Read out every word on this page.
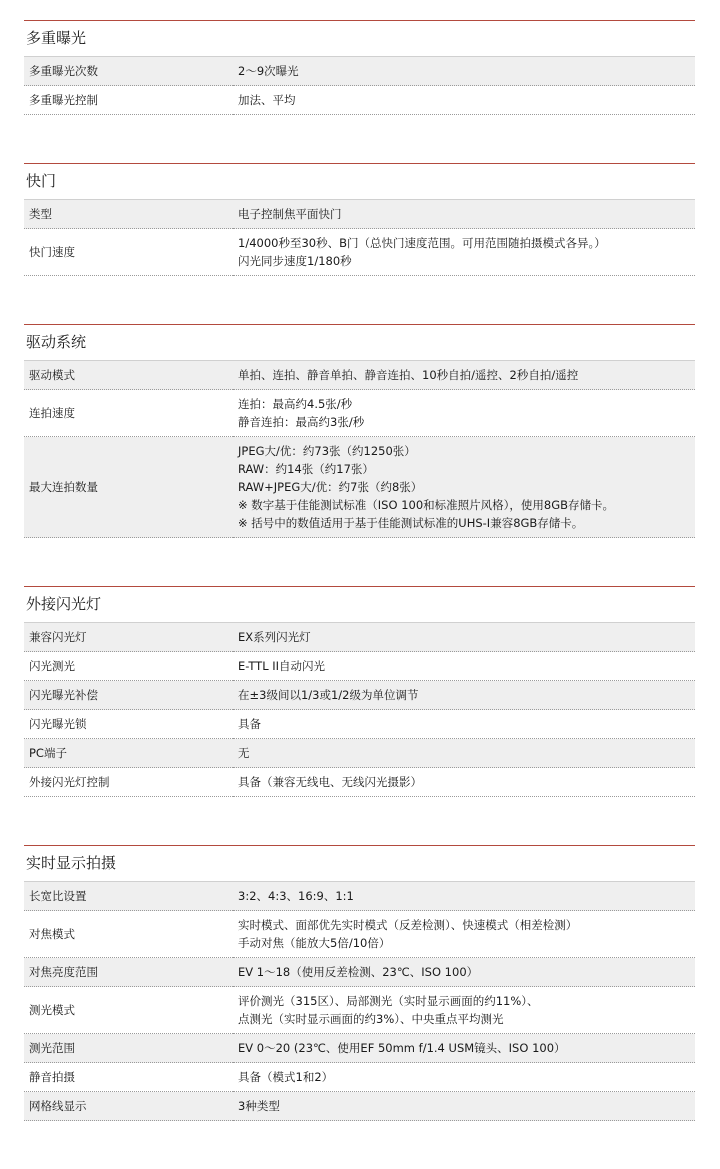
多重曝光
多重曝光次数	2～9次曝光

多重曝光控制	加法、平均
快门
类型	电子控制焦平面快门

快门速度	1/4000秒至30秒、B门（总快门速度范围。可用范围随拍摄模式各异。）
闪光同步速度1/180秒
驱动系统
驱动模式	单拍、连拍、静音单拍、静音连拍、10秒自拍/遥控、2秒自拍/遥控

连拍速度	连拍：最高约4.5张/秒
静音连拍：最高约3张/秒

最大连拍数量	JPEG大/优：约73张（约1250张）
RAW：约14张（约17张）
RAW+JPEG大/优：约7张（约8张）
※ 数字基于佳能测试标准（ISO 100和标准照片风格），使用8GB存储卡。
※ 括号中的数值适用于基于佳能测试标准的UHS-I兼容8GB存储卡。
外接闪光灯
兼容闪光灯	EX系列闪光灯

闪光测光	E-TTL II自动闪光

闪光曝光补偿	在±3级间以1/3或1/2级为单位调节

闪光曝光锁	具备

PC端子	无

外接闪光灯控制	具备（兼容无线电、无线闪光摄影）
实时显示拍摄
长宽比设置	3:2、4:3、16:9、1:1

对焦模式	实时模式、面部优先实时模式（反差检测）、快速模式（相差检测）
手动对焦（能放大5倍/10倍）

对焦亮度范围	EV 1～18（使用反差检测、23℃、ISO 100）

测光模式	评价测光（315区）、局部测光（实时显示画面的约11%）、
点测光（实时显示画面的约3%）、中央重点平均测光

测光范围	EV 0～20 (23℃、使用EF 50mm f/1.4 USM镜头、ISO 100）

静音拍摄	具备（模式1和2）

网格线显示	3种类型
